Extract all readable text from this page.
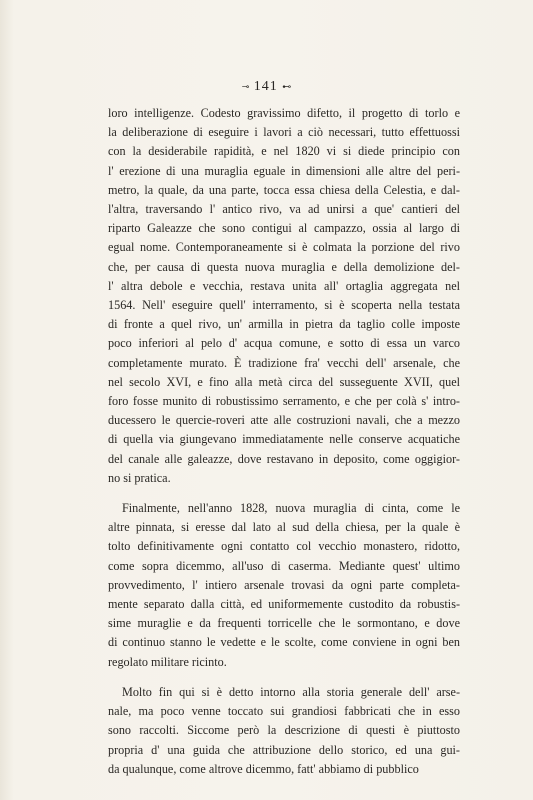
⊸ 141 ⊷
loro intelligenze. Codesto gravissimo difetto, il progetto di torlo e
la deliberazione di eseguire i lavori a ciò necessari, tutto effettuossi
con la desiderabile rapidità, e nel 1820 vi si diede principio con
l' erezione di una muraglia eguale in dimensioni alle altre del peri-
metro, la quale, da una parte, tocca essa chiesa della Celestia, e dal-
l'altra, traversando l' antico rivo, va ad unirsi a que' cantieri del
riparto Galeazze che sono contigui al campazzo, ossia al largo di
egual nome. Contemporaneamente si è colmata la porzione del rivo
che, per causa di questa nuova muraglia e della demolizione del-
l' altra debole e vecchia, restava unita all' ortaglia aggregata nel
1564. Nell' eseguire quell' interramento, si è scoperta nella testata
di fronte a quel rivo, un' armilla in pietra da taglio colle imposte
poco inferiori al pelo d' acqua comune, e sotto di essa un varco
completamente murato. È tradizione fra' vecchi dell' arsenale, che
nel secolo XVI, e fino alla metà circa del susseguente XVII, quel
foro fosse munito di robustissimo serramento, e che per colà s' intro-
ducessero le quercie-roveri atte alle costruzioni navali, che a mezzo
di quella via giungevano immediatamente nelle conserve acquatiche
del canale alle galeazze, dove restavano in deposito, come oggigior-
no si pratica.
Finalmente, nell'anno 1828, nuova muraglia di cinta, come le
altre pinnata, si eresse dal lato al sud della chiesa, per la quale è
tolto definitivamente ogni contatto col vecchio monastero, ridotto,
come sopra dicemmo, all'uso di caserma. Mediante quest' ultimo
provvedimento, l' intiero arsenale trovasi da ogni parte completa-
mente separato dalla città, ed uniformemente custodito da robustis-
sime muraglie e da frequenti torricelle che le sormontano, e dove
di continuo stanno le vedette e le scolte, come conviene in ogni ben
regolato militare ricinto.
Molto fin qui si è detto intorno alla storia generale dell' arse-
nale, ma poco venne toccato sui grandiosi fabbricati che in esso
sono raccolti. Siccome però la descrizione di questi è piuttosto
propria d' una guida che attribuzione dello storico, ed una gui-
da qualunque, come altrove dicemmo, fatt' abbiamo di pubblico
